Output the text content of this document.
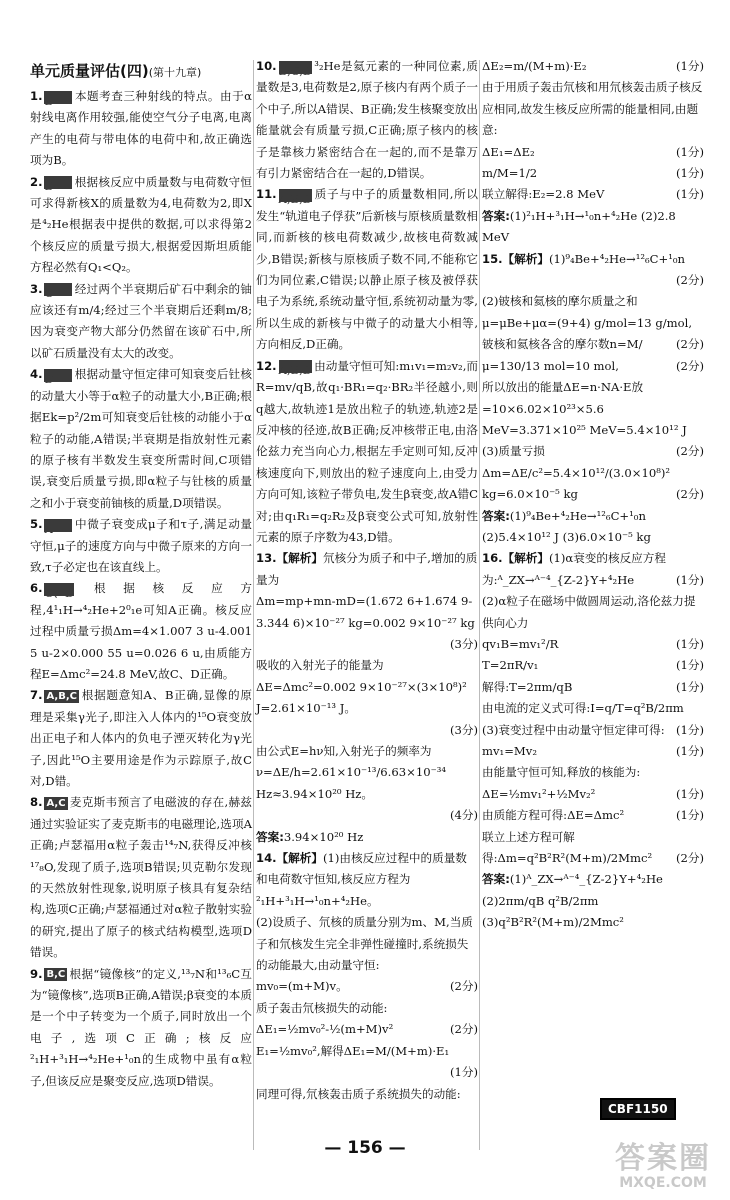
单元质量评估(四)(第十九章)

1. B 本题考查三种射线的特点。由于α射线电离作用较强,能使空气分子电离,电离产生的电荷与带电体的电荷中和,故正确选项为B。

2. B 根据核反应中质量数与电荷数守恒可求得新核X的质量数为4,电荷数为2,即X是⁴₂He根据表中提供的数据,可以求得第2个核反应的质量亏损大,根据爱因斯坦质能方程必然有Q₁<Q₂。

3. C 经过两个半衰期后矿石中剩余的铀应该还有m/4;经过三个半衰期后还剩m/8;因为衰变产物大部分仍然留在该矿石中,所以矿石质量没有太大的改变。

4. D 根据动量守恒定律可知衰变后钍核的动量大小等于α粒子的动量大小,B正确;根据Ek=p²/2m可知衰变后钍核的动能小于α粒子的动能,A错误;半衰期是指放射性元素的原子核有半数发生衰变所需时间,C项错误,衰变后质量亏损,即α粒子与钍核的质量之和小于衰变前铀核的质量,D项错误。

5. A 中微子衰变成μ子和τ子,满足动量守恒,μ子的速度方向与中微子原来的方向一致,τ子必定也在该直线上。

6. C、D 根据核反应方程,4¹₁H→⁴₂He+2⁰₁e可知A正确。核反应过程中质量亏损Δm=4×1.007 3 u-4.001 5 u-2×0.000 55 u=0.026 6 u,由质能方程E=Δmc²=24.8 MeV,故C、D正确。

7. A,B,C 根据题意知A、B正确,显像的原理是采集γ光子,即注入人体内的¹⁵O衰变放出正电子和人体内的负电子湮灭转化为γ光子,因此¹⁵O主要用途是作为示踪原子,故C对,D错。

8. A,C 麦克斯韦预言了电磁波的存在,赫兹通过实验证实了麦克斯韦的电磁理论,选项A正确;卢瑟福用α粒子轰击¹⁴₇N,获得反冲核¹⁷₈O,发现了质子,选项B错误;贝克勒尔发现的天然放射性现象,说明原子核具有复杂结构,选项C正确;卢瑟福通过对α粒子散射实验的研究,提出了原子的核式结构模型,选项D错误。

9. B,C 根据“镜像核”的定义,¹³₇N和¹³₆C互为“镜像核”,选项B正确,A错误;β衰变的本质是一个中子转变为一个质子,同时放出一个电子,选项C正确;核反应²₁H+³₁H→⁴₂He+¹₀n的生成物中虽有α粒子,但该反应是聚变反应,选项D错误。

10. B,C,D ³₂He是氦元素的一种同位素,质量数是3,电荷数是2,原子核内有两个质子一个中子,所以A错误、B正确;发生核聚变放出能量就会有质量亏损,C正确;原子核内的核子是靠核力紧密结合在一起的,而不是靠万有引力紧密结合在一起的,D错误。

11. A,B,D 质子与中子的质量数相同,所以发生“轨道电子俘获”后新核与原核质量数相同,而新核的核电荷数减少,故核电荷数减少,B错误;新核与原核质子数不同,不能称它们为同位素,C错误;以静止原子核及被俘获电子为系统,系统动量守恒,系统初动量为零,所以生成的新核与中微子的动量大小相等,方向相反,D正确。

12. A,B,D 由动量守恒可知:m₁v₁=m₂v₂,而R=mv/qB,故q₁·BR₁=q₂·BR₂半径越小,则q越大,故轨迹1是放出粒子的轨迹,轨迹2是反冲核的径迹,故B正确;反冲核带正电,由洛伦兹力充当向心力,根据左手定则可知,反冲核速度向下,则放出的粒子速度向上,由受力方向可知,该粒子带负电,发生β衰变,故A错C对;由q₁R₁=q₂R₂及β衰变公式可知,放射性元素的原子序数为43,D错。

13.【解析】氘核分为质子和中子,增加的质量为

Δm=mp+mn-mD=(1.672 6+1.674 9-3.344 6)×10⁻²⁷ kg=0.002 9×10⁻²⁷ kg

(3分)

吸收的入射光子的能量为

ΔE=Δmc²=0.002 9×10⁻²⁷×(3×10⁸)² J=2.61×10⁻¹³ J。

(3分)

由公式E=hν知,入射光子的频率为

ν=ΔE/h=2.61×10⁻¹³/6.63×10⁻³⁴ Hz≈3.94×10²⁰ Hz。

(4分)

答案:3.94×10²⁰ Hz

14.【解析】(1)由核反应过程中的质量数和电荷数守恒知,核反应方程为

²₁H+³₁H→¹₀n+⁴₂He。

(2)设质子、氘核的质量分别为m、M,当质子和氘核发生完全非弹性碰撞时,系统损失的动能最大,由动量守恒:

mv₀=(m+M)v。	(2分)

质子轰击氘核损失的动能:

ΔE₁=½mv₀²-½(m+M)v²	(2分)

E₁=½mv₀²,解得ΔE₁=M/(M+m)·E₁

(1分)

同理可得,氘核轰击质子系统损失的动能:

ΔE₂=m/(M+m)·E₂	(1分)

由于用质子轰击氘核和用氘核轰击质子核反应相同,故发生核反应所需的能量相同,由题意:

ΔE₁=ΔE₂	(1分)

m/M=1/2	(1分)

联立解得:E₂=2.8 MeV	(1分)

答案:(1)²₁H+³₁H→¹₀n+⁴₂He (2)2.8 MeV

15.【解析】(1)⁹₄Be+⁴₂He→¹²₆C+¹₀n

(2分)

(2)铍核和氦核的摩尔质量之和

μ=μBe+μα=(9+4) g/mol=13 g/mol,
(2分)

铍核和氦核各含的摩尔数n=M/μ=130/13 mol=10 mol,	(2分)

所以放出的能量ΔE=n·NA·E放=10×6.02×10²³×5.6 MeV=3.371×10²⁵ MeV=5.4×10¹² J
(2分)

(3)质量亏损Δm=ΔE/c²=5.4×10¹²/(3.0×10⁸)² kg=6.0×10⁻⁵ kg	(2分)

答案:(1)⁹₄Be+⁴₂He→¹²₆C+¹₀n (2)5.4×10¹² J (3)6.0×10⁻⁵ kg

16.【解析】(1)α衰变的核反应方程为:ᴬ_ZX→ᴬ⁻⁴_{Z-2}Y+⁴₂He	(1分)

(2)α粒子在磁场中做圆周运动,洛伦兹力提供向心力

qv₁B=mv₁²/R	(1分)

T=2πR/v₁	(1分)

解得:T=2πm/qB	(1分)

由电流的定义式可得:I=q/T=q²B/2πm
(1分)

(3)衰变过程中由动量守恒定律可得:

mv₁=Mv₂	(1分)

由能量守恒可知,释放的核能为:

ΔE=½mv₁²+½Mv₂²	(1分)

由质能方程可得:ΔE=Δmc²	(1分)

联立上述方程可解得:Δm=q²B²R²(M+m)/2Mmc² (2分)

答案:(1)ᴬ_ZX→ᴬ⁻⁴_{Z-2}Y+⁴₂He (2)2πm/qB q²B/2πm (3)q²B²R²(M+m)/2Mmc²

CBF1150
— 156 —	答案圈
MXQE.COM
